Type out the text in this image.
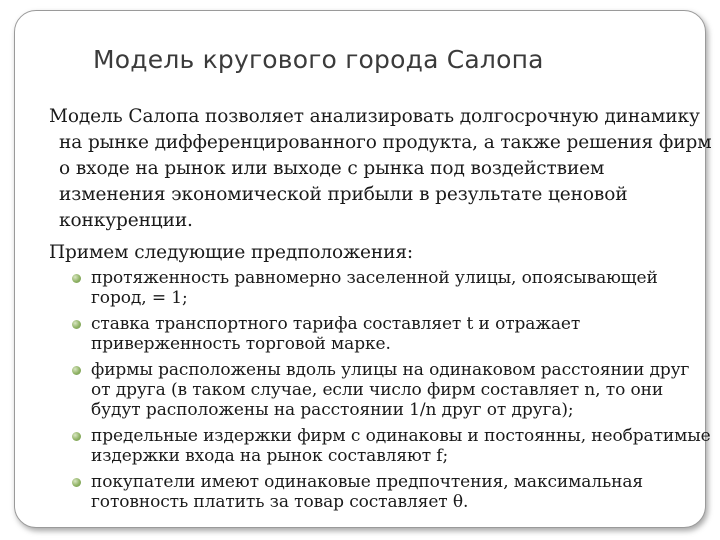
Модель кругового города Салопа

Модель Салопа позволяет анализировать долгосрочную динамику на рынке дифференцированного продукта, а также решения фирм о входе на рынок или выходе с рынка под воздействием изменения экономической прибыли в результате ценовой конкуренции.

Примем следующие предположения:

протяженность равномерно заселенной улицы, опоясывающей город, = 1;
ставка транспортного тарифа составляет t и отражает приверженность торговой марке.
фирмы расположены вдоль улицы на одинаковом расстоянии друг от друга (в таком случае, если число фирм составляет n, то они будут расположены на расстоянии 1/n друг от друга);
предельные издержки фирм с одинаковы и постоянны, необратимые издержки входа на рынок составляют f;
покупатели имеют одинаковые предпочтения, максимальная готовность платить за товар составляет θ.
